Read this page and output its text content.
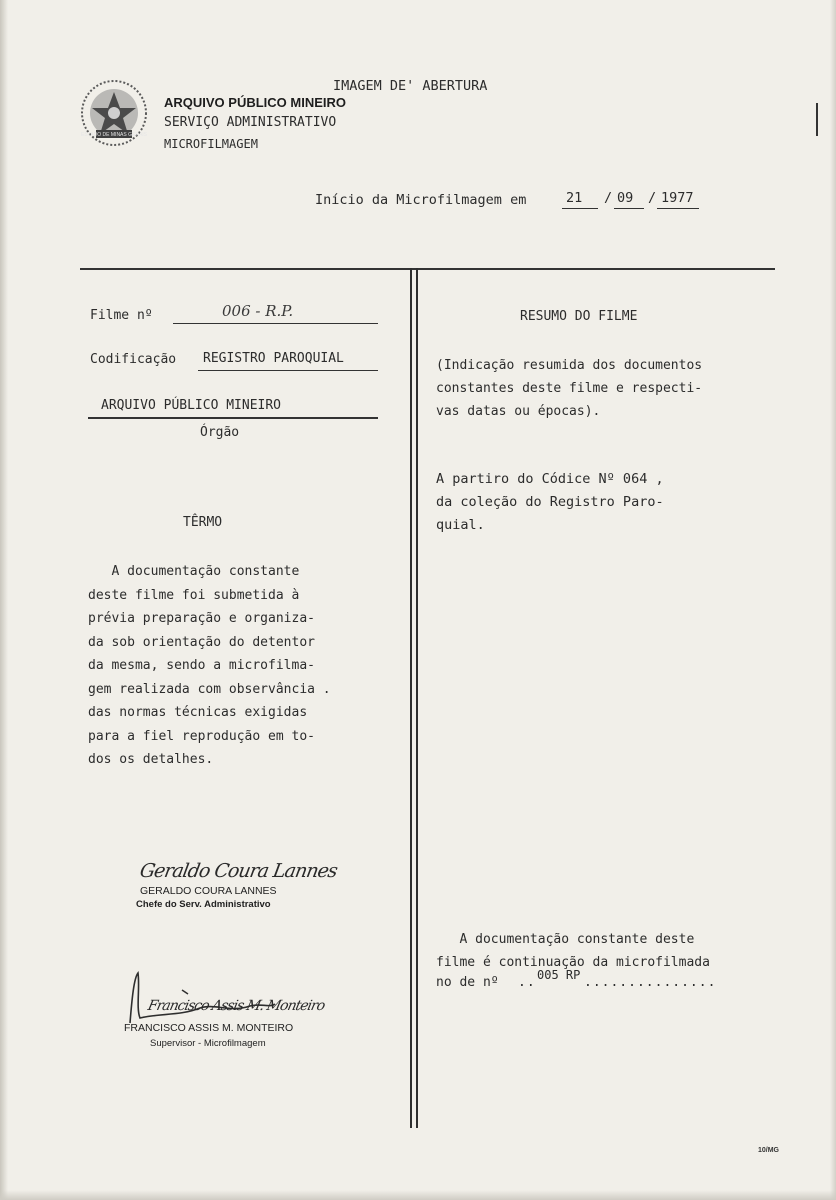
ESTADO DE MINAS GERAIS
IMAGEM DE' ABERTURA
ARQUIVO PÚBLICO MINEIRO
SERVIÇO ADMINISTRATIVO
MICROFILMAGEM
Início da Microfilmagem em	21 / 09 / 1977
Filme nº	006 - R.P.
Codificação REGISTRO PAROQUIAL
ARQUIVO PÚBLICO MINEIRO
Órgão
TÊRMO
A documentação constante
deste filme foi submetida à
prévia preparação e organiza-
da sob orientação do detentor
da mesma, sendo a microfilma-
gem realizada com observância .
das normas técnicas exigidas
para a fiel reprodução em to-
dos os detalhes.
Geraldo Coura Lannes
GERALDO COURA LANNES
Chefe do Serv. Administrativo
Francisco Assis M. Monteiro
FRANCISCO ASSIS M. MONTEIRO
Supervisor - Microfilmagem
RESUMO DO FILME
(Indicação resumida dos documentos
constantes deste filme e respecti-
vas datas ou épocas).
A partiro do Códice Nº 064 ,
da coleção do Registro Paro-
quial.
A documentação constante deste
filme é continuação da microfilmada
no de nº .. 005 RP ...............
10/MG
